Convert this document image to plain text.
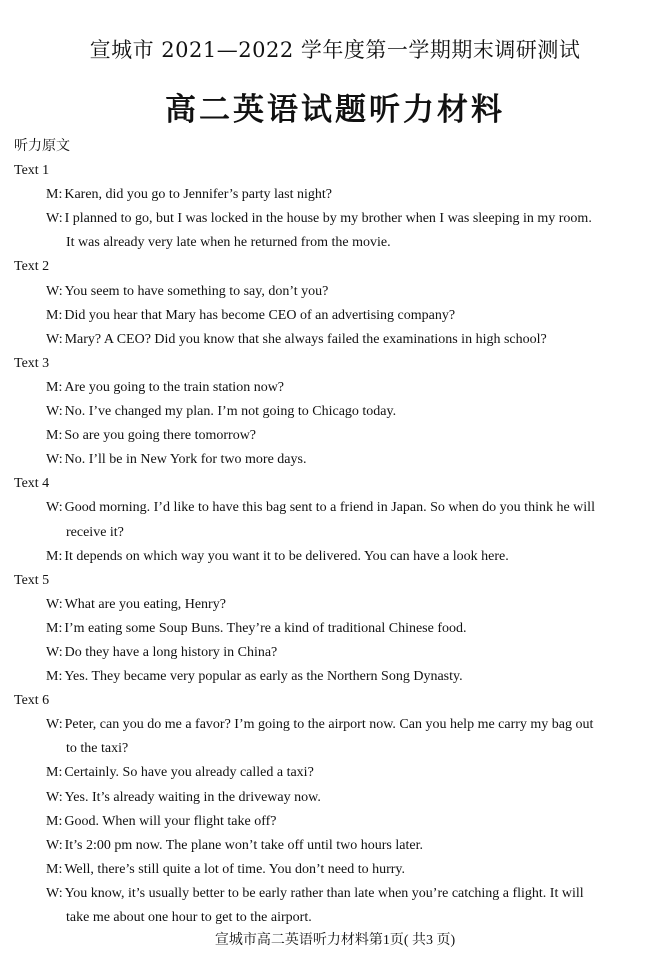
宣城市 2021—2022 学年度第一学期期末调研测试
高二英语试题听力材料
听力原文
Text 1
M: Karen, did you go to Jennifer’s party last night?
W: I planned to go, but I was locked in the house by my brother when I was sleeping in my room.
It was already very late when he returned from the movie.
Text 2
W: You seem to have something to say, don’t you?
M: Did you hear that Mary has become CEO of an advertising company?
W: Mary? A CEO? Did you know that she always failed the examinations in high school?
Text 3
M: Are you going to the train station now?
W: No. I’ve changed my plan. I’m not going to Chicago today.
M: So are you going there tomorrow?
W: No. I’ll be in New York for two more days.
Text 4
W: Good morning. I’d like to have this bag sent to a friend in Japan. So when do you think he will
receive it?
M: It depends on which way you want it to be delivered. You can have a look here.
Text 5
W: What are you eating, Henry?
M: I’m eating some Soup Buns. They’re a kind of traditional Chinese food.
W: Do they have a long history in China?
M: Yes. They became very popular as early as the Northern Song Dynasty.
Text 6
W: Peter, can you do me a favor? I’m going to the airport now. Can you help me carry my bag out
to the taxi?
M: Certainly. So have you already called a taxi?
W: Yes. It’s already waiting in the driveway now.
M: Good. When will your flight take off?
W: It’s 2:00 pm now. The plane won’t take off until two hours later.
M: Well, there’s still quite a lot of time. You don’t need to hurry.
W: You know, it’s usually better to be early rather than late when you’re catching a flight. It will
take me about one hour to get to the airport.
宣城市高二英语听力材料第1页( 共3 页)
